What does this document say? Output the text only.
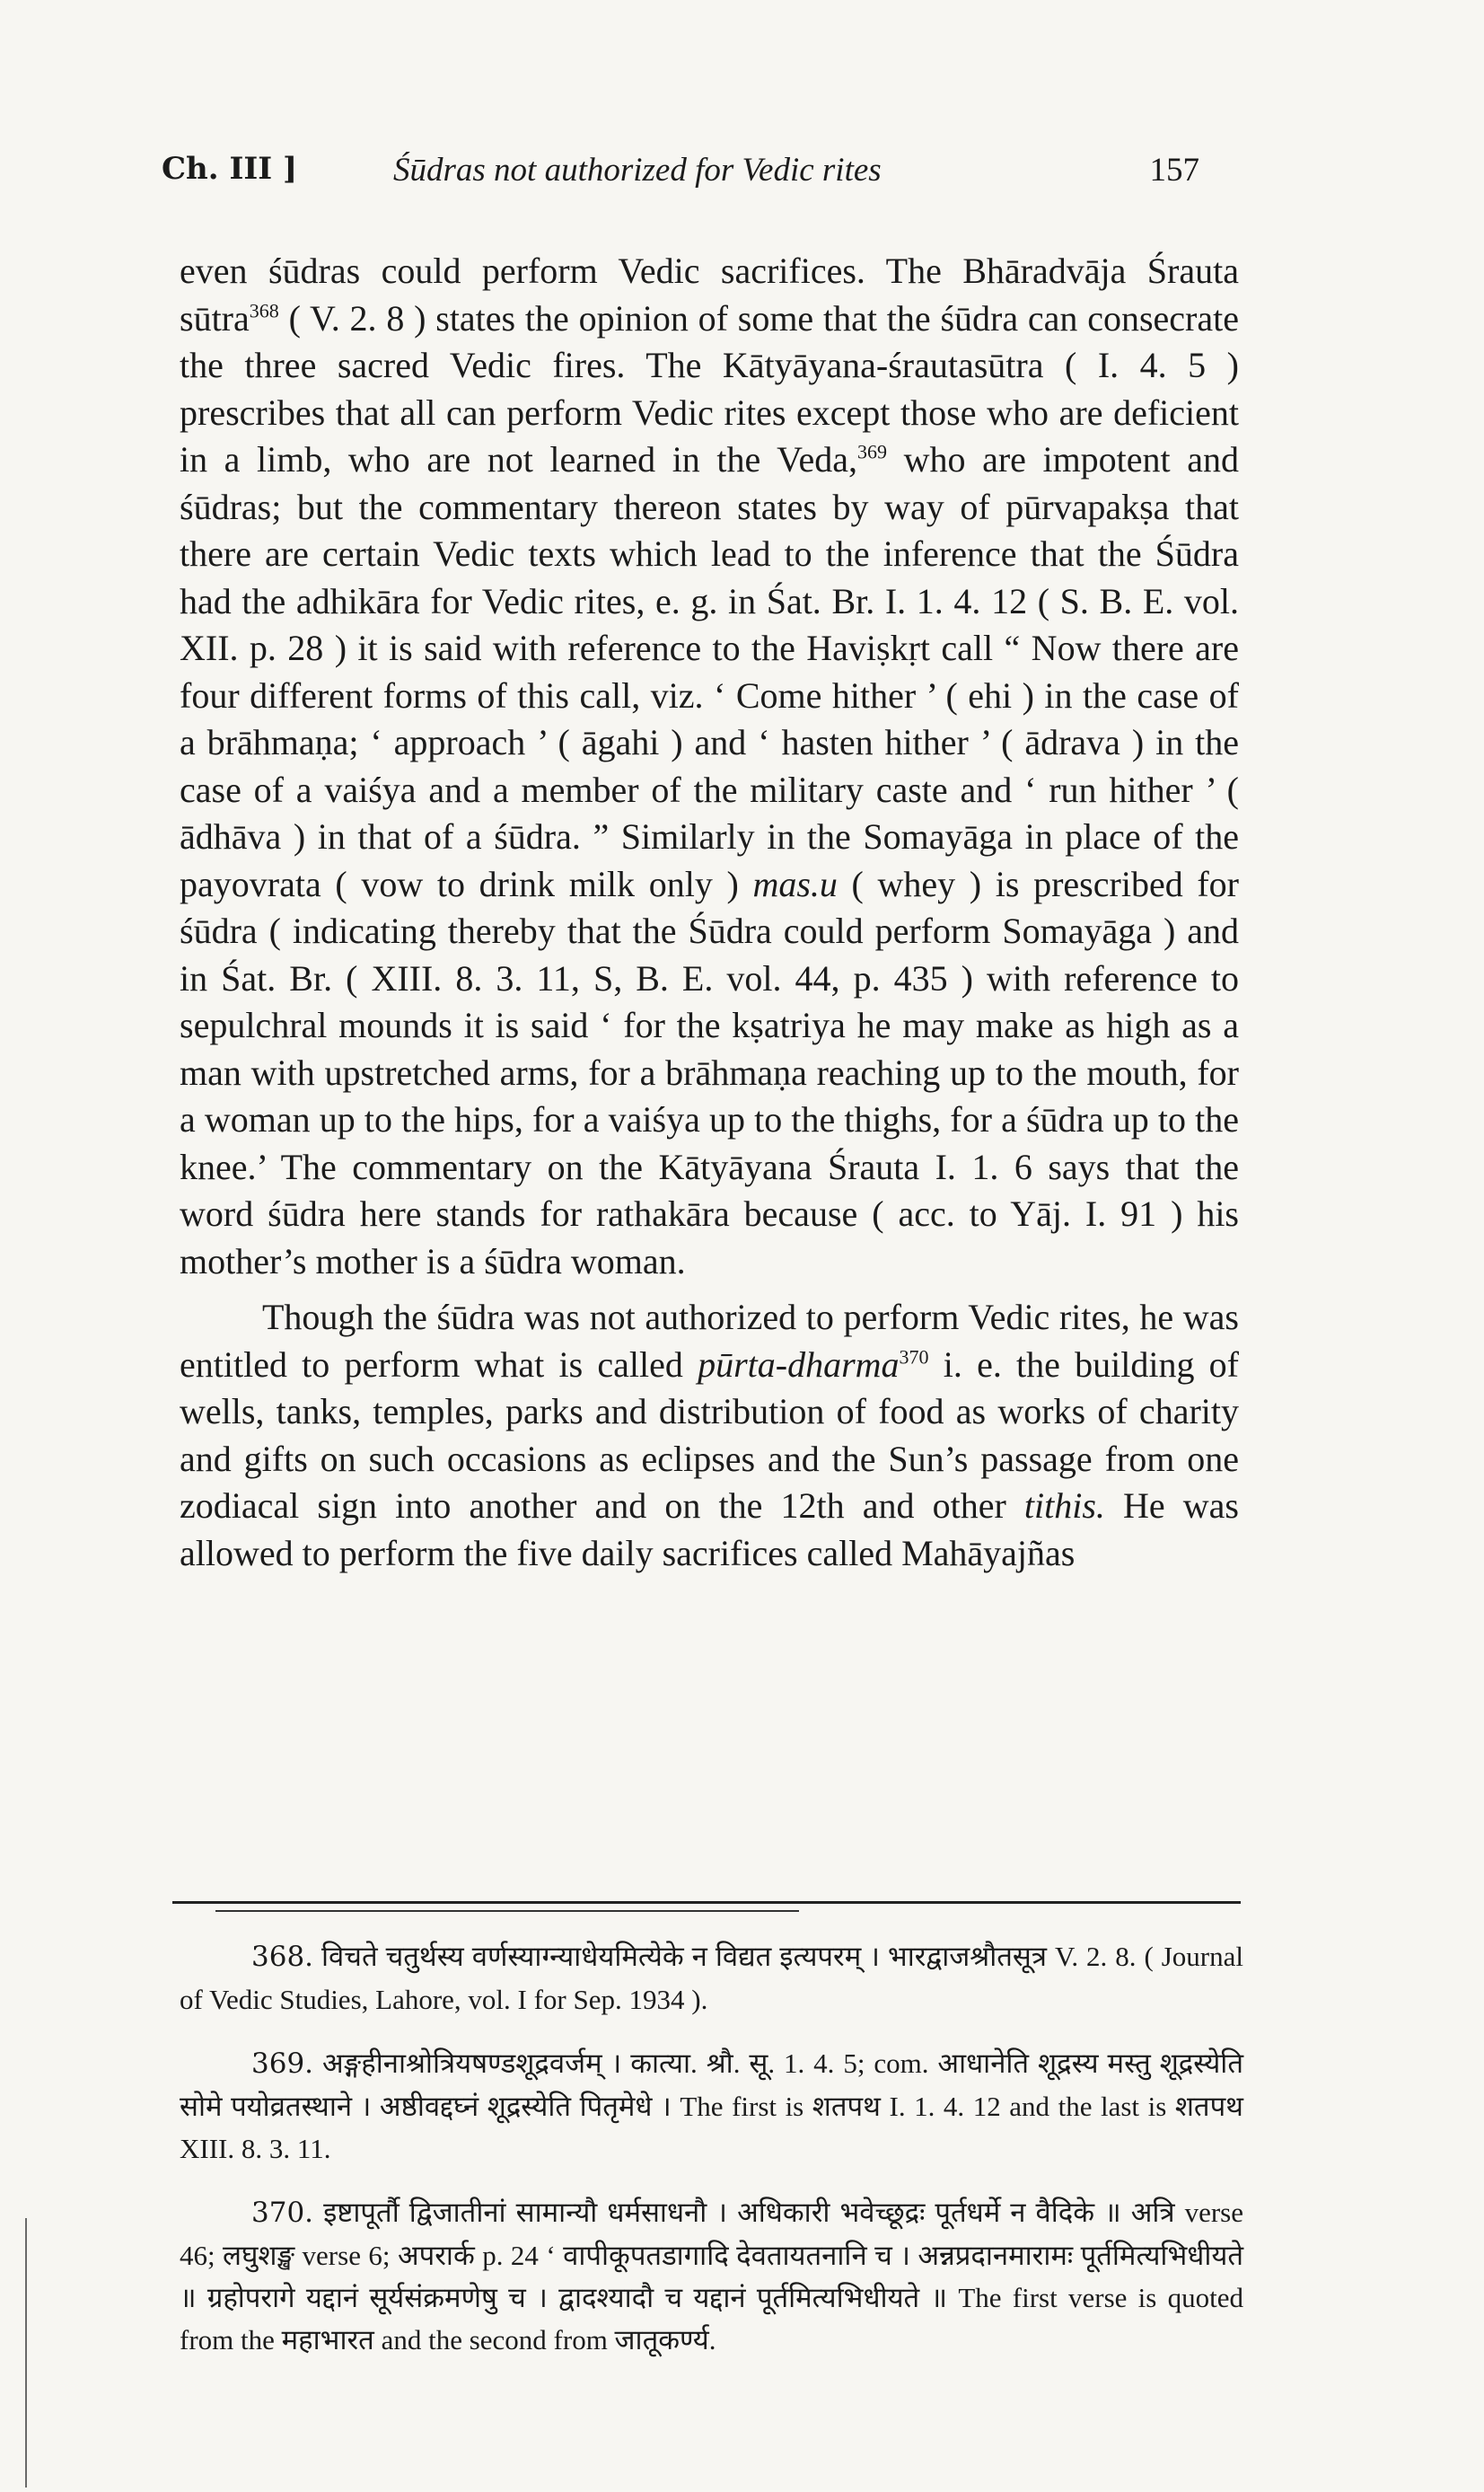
Ch. III ]	Śūdras not authorized for Vedic rites	157

even śūdras could perform Vedic sacrifices. The Bhāradvāja Śrauta sūtra$^{368}$ ( V. 2. 8 ) states the opinion of some that the śūdra can consecrate the three sacred Vedic fires. The Kātyāyana-śrautasūtra ( I. 4. 5 ) prescribes that all can perform Vedic rites except those who are deficient in a limb, who are not learned in the Veda,$^{369}$ who are impotent and śūdras; but the commentary thereon states by way of pūrvapakṣa that there are certain Vedic texts which lead to the inference that the Śūdra had the adhikāra for Vedic rites, e. g. in Śat. Br. I. 1. 4. 12 ( S. B. E. vol. XII. p. 28 ) it is said with reference to the Haviṣkṛt call “ Now there are four different forms of this call, viz. ‘ Come hither ’ ( ehi ) in the case of a brāhmaṇa; ‘ approach ’ ( āgahi ) and ‘ hasten hither ’ ( ādrava ) in the case of a vaiśya and a member of the military caste and ‘ run hither ’ ( ādhāva ) in that of a śūdra. ” Similarly in the Somayāga in place of the payovrata ( vow to drink milk only ) mas.u ( whey ) is prescribed for śūdra ( indicating thereby that the Śūdra could perform Somayāga ) and in Śat. Br. ( XIII. 8. 3. 11, S, B. E. vol. 44, p. 435 ) with reference to sepulchral mounds it is said ‘ for the kṣatriya he may make as high as a man with upstretched arms, for a brāhmaṇa reaching up to the mouth, for a woman up to the hips, for a vaiśya up to the thighs, for a śūdra up to the knee.’ The commentary on the Kātyāyana Śrauta I. 1. 6 says that the word śūdra here stands for rathakāra because ( acc. to Yāj. I. 91 ) his mother’s mother is a śūdra woman.

Though the śūdra was not authorized to perform Vedic rites, he was entitled to perform what is called pūrta-dharma$^{370}$ i. e. the building of wells, tanks, temples, parks and distribution of food as works of charity and gifts on such occasions as eclipses and the Sun’s passage from one zodiacal sign into another and on the 12th and other tithis. He was allowed to perform the five daily sacrifices called Mahāyajñas

368. विचते चतुर्थस्य वर्णस्याग्न्याधेयमित्येके न विद्यत इत्यपरम् । भारद्वाजश्रौतसूत्र V. 2. 8. ( Journal of Vedic Studies, Lahore, vol. I for Sep. 1934 ).

369. अङ्गहीनाश्रोत्रियषण्डशूद्रवर्जम् । कात्या. श्रौ. सू. 1. 4. 5; com. आधानेति शूद्रस्य मस्तु शूद्रस्येति सोमे पयोव्रतस्थाने । अष्ठीवद्दघ्नं शूद्रस्येति पितृमेधे । The first is शतपथ I. 1. 4. 12 and the last is शतपथ XIII. 8. 3. 11.

370. इष्टापूर्तौ द्विजातीनां सामान्यौ धर्मसाधनौ । अधिकारी भवेच्छूद्रः पूर्तधर्मे न वैदिके ॥ अत्रि verse 46; लघुशङ्ख verse 6; अपरार्क p. 24 ‘ वापीकूपतडागादि देवतायतनानि च । अन्नप्रदानमारामः पूर्तमित्यभिधीयते ॥ ग्रहोपरागे यद्दानं सूर्यसंक्रमणेषु च । द्वादश्यादौ च यद्दानं पूर्तमित्यभिधीयते ॥ The first verse is quoted from the महाभारत and the second from जातूकर्ण्य.
